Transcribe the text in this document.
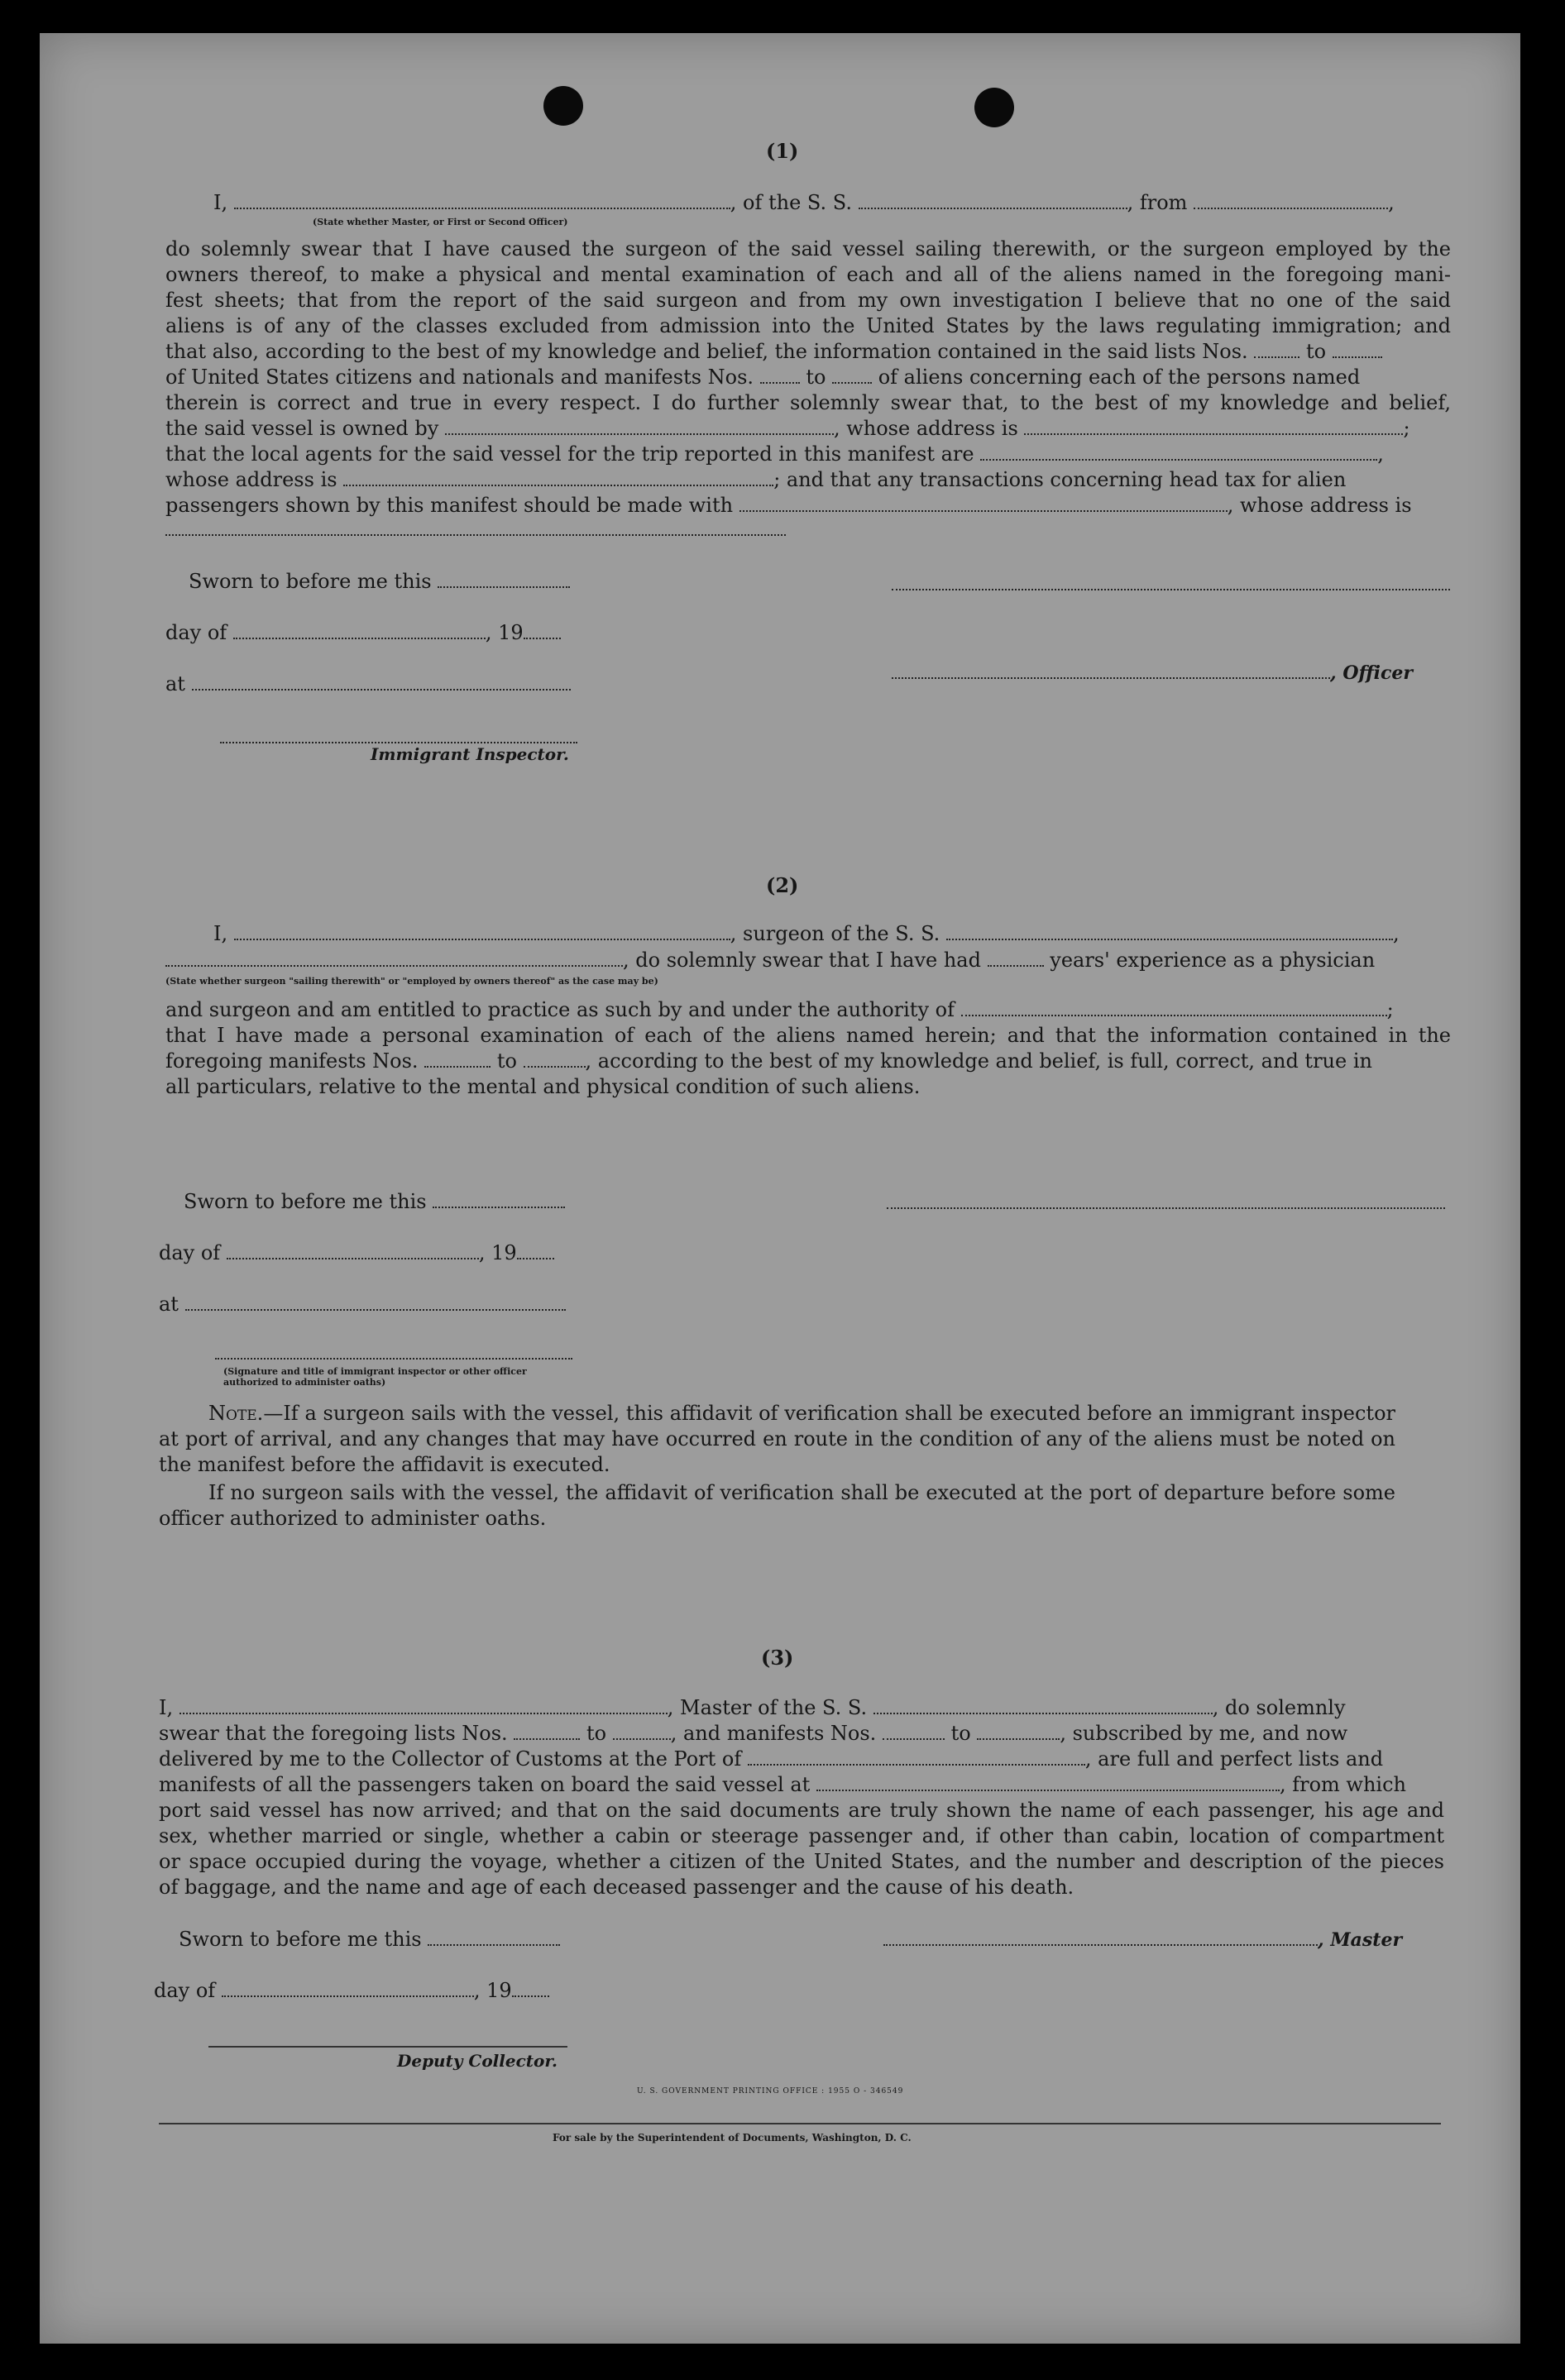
(1)
I,	, of the S. S.	, from	,
(State whether Master, or First or Second Officer)
do solemnly swear that I have caused the surgeon of the said vessel sailing therewith, or the surgeon employed by the
owners thereof, to make a physical and mental examination of each and all of the aliens named in the foregoing mani-
fest sheets; that from the report of the said surgeon and from my own investigation I believe that no one of the said
aliens is of any of the classes excluded from admission into the United States by the laws regulating immigration; and
that also, according to the best of my knowledge and belief, the information contained in the said lists Nos.	to
of United States citizens and nationals and manifests Nos.	to	of aliens concerning each of the persons named
therein is correct and true in every respect. I do further solemnly swear that, to the best of my knowledge and belief,
the said vessel is owned by	, whose address is	;
that the local agents for the said vessel for the trip reported in this manifest are	,
whose address is	; and that any transactions concerning head tax for alien
passengers shown by this manifest should be made with	, whose address is
Sworn to before me this
day of	, 19
at
Immigrant Inspector.
, Officer
(2)
I,	, surgeon of the S. S.	,
, do solemnly swear that I have had	years' experience as a physician
(State whether surgeon "sailing therewith" or "employed by owners thereof" as the case may be)
and surgeon and am entitled to practice as such by and under the authority of	;
that I have made a personal examination of each of the aliens named herein; and that the information contained in the
foregoing manifests Nos.	to	, according to the best of my knowledge and belief, is full, correct, and true in
all particulars, relative to the mental and physical condition of such aliens.
Sworn to before me this
day of	, 19
at
(Signature and title of immigrant inspector or other officer authorized to administer oaths)
Note.—If a surgeon sails with the vessel, this affidavit of verification shall be executed before an immigrant inspector at port of arrival, and any changes that may have occurred en route in the condition of any of the aliens must be noted on the manifest before the affidavit is executed.
If no surgeon sails with the vessel, the affidavit of verification shall be executed at the port of departure before some officer authorized to administer oaths.
(3)
I,	, Master of the S. S.	, do solemnly
swear that the foregoing lists Nos.	to	, and manifests Nos.	to	, subscribed by me, and now
delivered by me to the Collector of Customs at the Port of	, are full and perfect lists and
manifests of all the passengers taken on board the said vessel at	, from which
port said vessel has now arrived; and that on the said documents are truly shown the name of each passenger, his age and
sex, whether married or single, whether a cabin or steerage passenger and, if other than cabin, location of compartment
or space occupied during the voyage, whether a citizen of the United States, and the number and description of the pieces
of baggage, and the name and age of each deceased passenger and the cause of his death.
Sworn to before me this	, Master
day of	, 19
Deputy Collector.
U. S. GOVERNMENT PRINTING OFFICE : 1955 O - 346549
For sale by the Superintendent of Documents, Washington, D. C.
